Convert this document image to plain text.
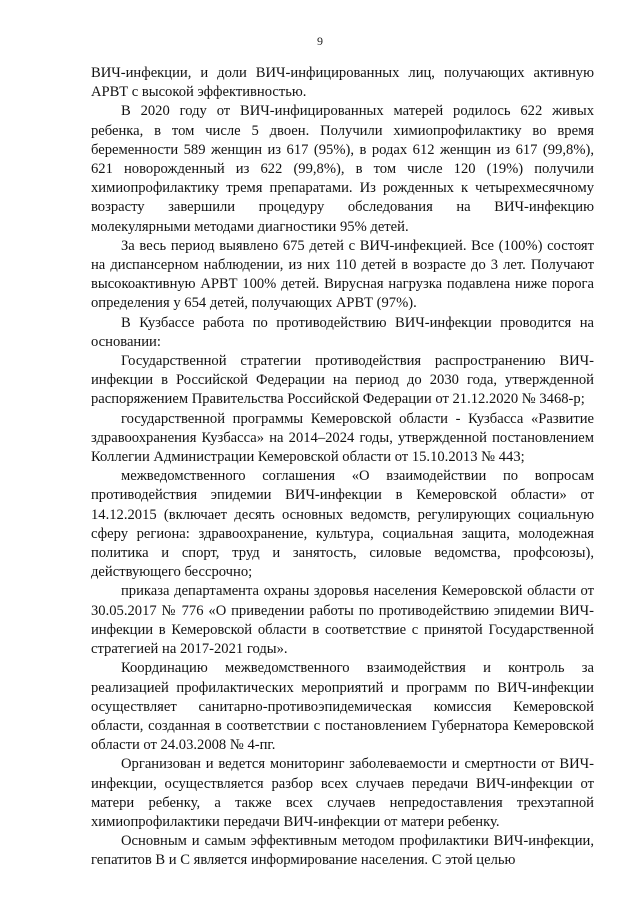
9

ВИЧ-инфекции, и доли ВИЧ-инфицированных лиц, получающих активную АРВТ с высокой эффективностью.

В 2020 году от ВИЧ-инфицированных матерей родилось 622 живых ребенка, в том числе 5 двоен. Получили химиопрофилактику во время беременности 589 женщин из 617 (95%), в родах 612 женщин из 617 (99,8%), 621 новорожденный из 622 (99,8%), в том числе 120 (19%) получили химиопрофилактику тремя препаратами. Из рожденных к четырехмесячному возрасту завершили процедуру обследования на ВИЧ-инфекцию молекулярными методами диагностики 95% детей.

За весь период выявлено 675 детей с ВИЧ-инфекцией. Все (100%) состоят на диспансерном наблюдении, из них 110 детей в возрасте до 3 лет. Получают высокоактивную АРВТ 100% детей. Вирусная нагрузка подавлена ниже порога определения у 654 детей, получающих АРВТ (97%).

В Кузбассе работа по противодействию ВИЧ-инфекции проводится на основании:

Государственной стратегии противодействия распространению ВИЧ-инфекции в Российской Федерации на период до 2030 года, утвержденной распоряжением Правительства Российской Федерации от 21.12.2020 № 3468-р;

государственной программы Кемеровской области - Кузбасса «Развитие здравоохранения Кузбасса» на 2014–2024 годы, утвержденной постановлением Коллегии Администрации Кемеровской области от 15.10.2013 № 443;

межведомственного соглашения «О взаимодействии по вопросам противодействия эпидемии ВИЧ-инфекции в Кемеровской области» от 14.12.2015 (включает десять основных ведомств, регулирующих социальную сферу региона: здравоохранение, культура, социальная защита, молодежная политика и спорт, труд и занятость, силовые ведомства, профсоюзы), действующего бессрочно;

приказа департамента охраны здоровья населения Кемеровской области от 30.05.2017 № 776 «О приведении работы по противодействию эпидемии ВИЧ-инфекции в Кемеровской области в соответствие с принятой Государственной стратегией на 2017-2021 годы».

Координацию межведомственного взаимодействия и контроль за реализацией профилактических мероприятий и программ по ВИЧ-инфекции осуществляет санитарно-противоэпидемическая комиссия Кемеровской области, созданная в соответствии с постановлением Губернатора Кемеровской области от 24.03.2008 № 4-пг.

Организован и ведется мониторинг заболеваемости и смертности от ВИЧ-инфекции, осуществляется разбор всех случаев передачи ВИЧ-инфекции от матери ребенку, а также всех случаев непредоставления трехэтапной химиопрофилактики передачи ВИЧ-инфекции от матери ребенку.

Основным и самым эффективным методом профилактики ВИЧ-инфекции, гепатитов В и С является информирование населения. С этой целью
